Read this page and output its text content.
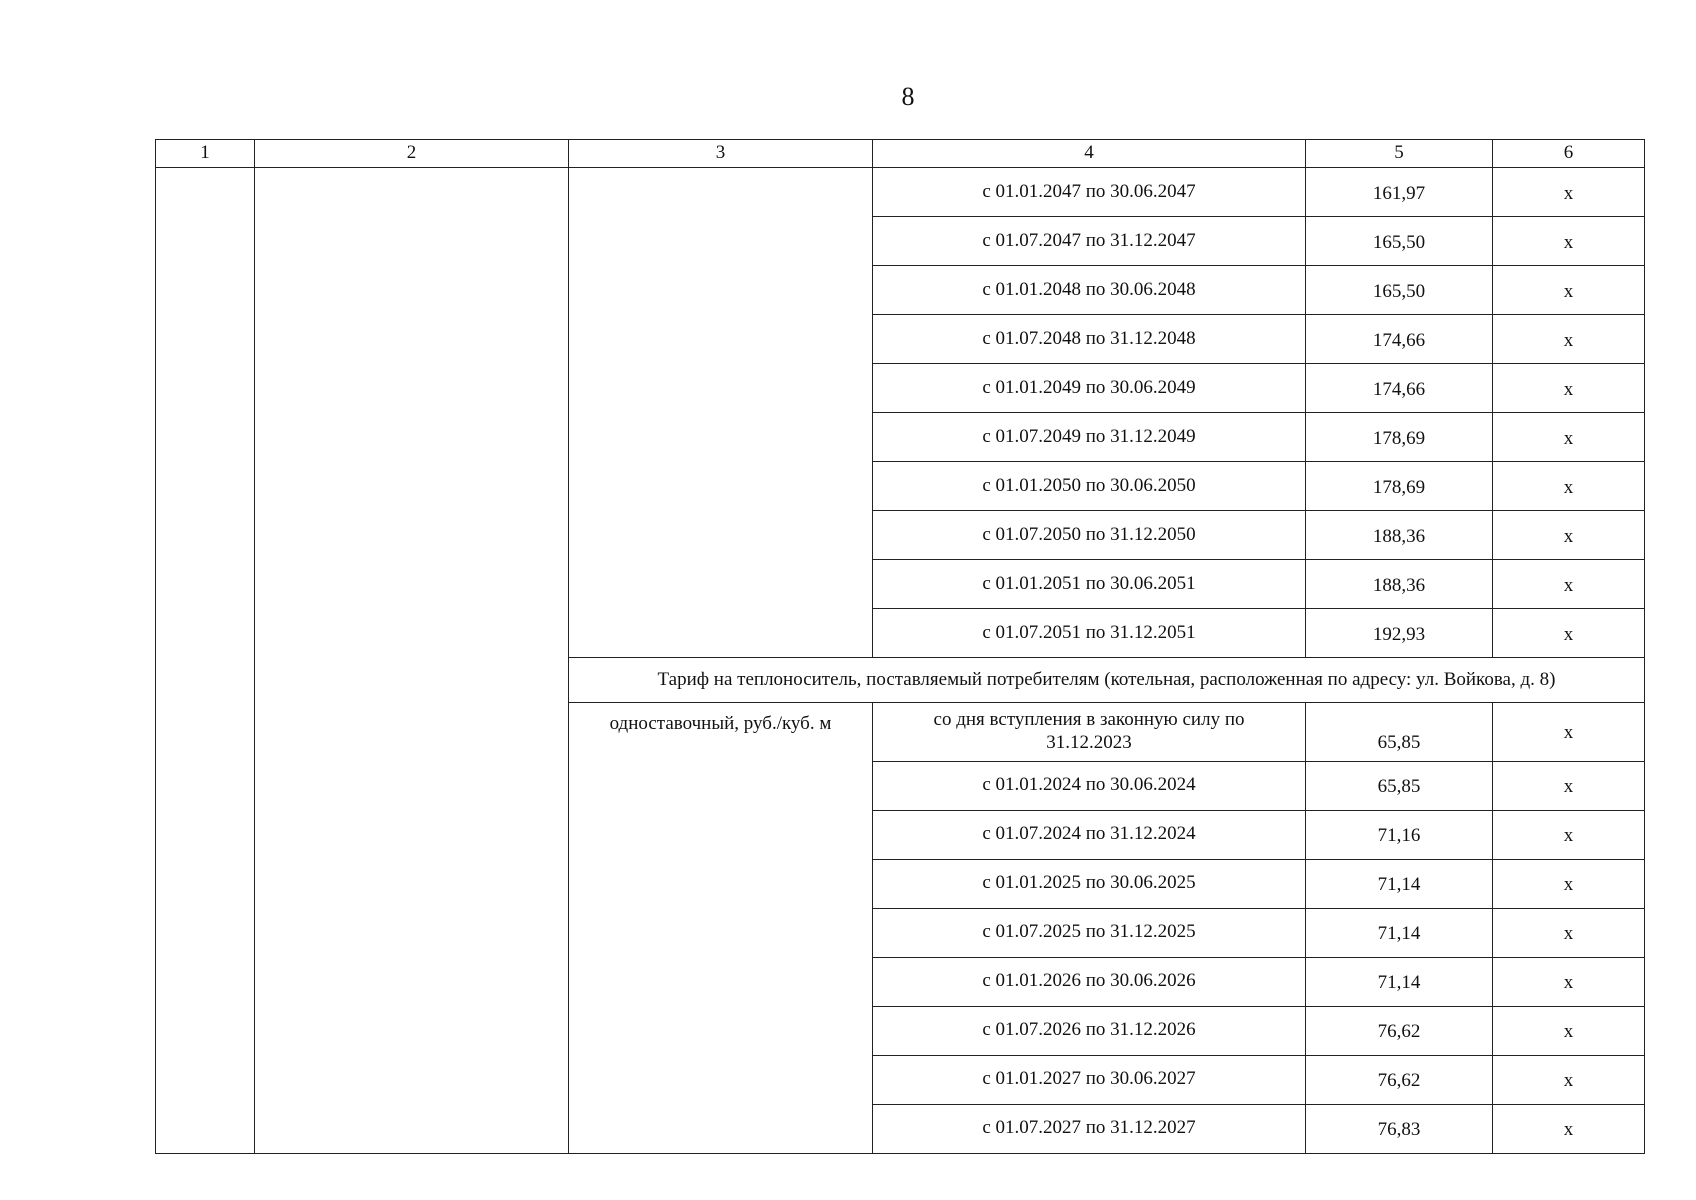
8
1	2	3	4	5	6
			с 01.01.2047 по 30.06.2047	161,97	х
			с 01.07.2047 по 31.12.2047	165,50	х
			с 01.01.2048 по 30.06.2048	165,50	х
			с 01.07.2048 по 31.12.2048	174,66	х
			с 01.01.2049 по 30.06.2049	174,66	х
			с 01.07.2049 по 31.12.2049	178,69	х
			с 01.01.2050 по 30.06.2050	178,69	х
			с 01.07.2050 по 31.12.2050	188,36	х
			с 01.01.2051 по 30.06.2051	188,36	х
			с 01.07.2051 по 31.12.2051	192,93	х
		Тариф на теплоноситель, поставляемый потребителям (котельная, расположенная по адресу: ул. Войкова, д. 8)			
		одноставочный, руб./куб. м	со дня вступления в законную силу по 31.12.2023	65,85	х
			с 01.01.2024 по 30.06.2024	65,85	х
			с 01.07.2024 по 31.12.2024	71,16	х
			с 01.01.2025 по 30.06.2025	71,14	х
			с 01.07.2025 по 31.12.2025	71,14	х
			с 01.01.2026 по 30.06.2026	71,14	х
			с 01.07.2026 по 31.12.2026	76,62	х
			с 01.01.2027 по 30.06.2027	76,62	х
			с 01.07.2027 по 31.12.2027	76,83	х
